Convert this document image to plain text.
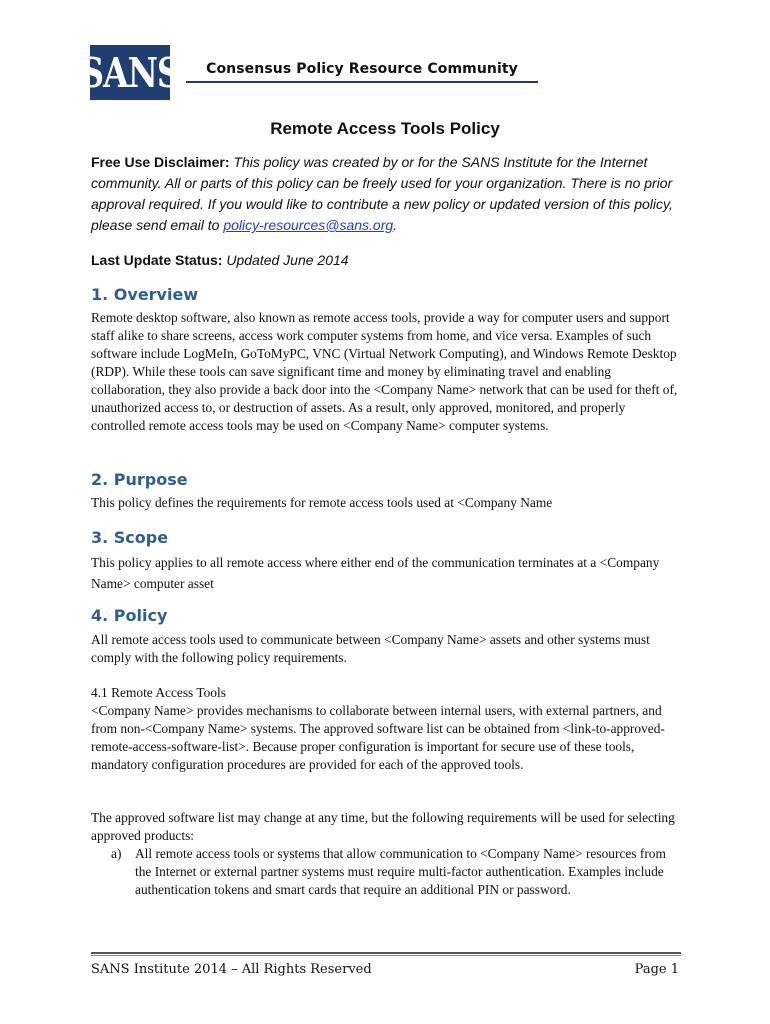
SANS	Consensus Policy Resource Community
Remote Access Tools Policy

Free Use Disclaimer: This policy was created by or for the SANS Institute for the Internet community. All or parts of this policy can be freely used for your organization. There is no prior approval required. If you would like to contribute a new policy or updated version of this policy, please send email to policy-resources@sans.org.

Last Update Status: Updated June 2014

1. Overview

Remote desktop software, also known as remote access tools, provide a way for computer users and support staff alike to share screens, access work computer systems from home, and vice versa. Examples of such software include LogMeIn, GoToMyPC, VNC (Virtual Network Computing), and Windows Remote Desktop (RDP). While these tools can save significant time and money by eliminating travel and enabling collaboration, they also provide a back door into the <Company Name> network that can be used for theft of, unauthorized access to, or destruction of assets. As a result, only approved, monitored, and properly controlled remote access tools may be used on <Company Name> computer systems.

2. Purpose

This policy defines the requirements for remote access tools used at <Company Name

3. Scope

This policy applies to all remote access where either end of the communication terminates at a <Company Name> computer asset

4. Policy

All remote access tools used to communicate between <Company Name> assets and other systems must comply with the following policy requirements.

4.1 Remote Access Tools

<Company Name> provides mechanisms to collaborate between internal users, with external partners, and from non-<Company Name> systems. The approved software list can be obtained from <link-to-approved-remote-access-software-list>. Because proper configuration is important for secure use of these tools, mandatory configuration procedures are provided for each of the approved tools.

The approved software list may change at any time, but the following requirements will be used for selecting approved products:

a) All remote access tools or systems that allow communication to <Company Name> resources from the Internet or external partner systems must require multi-factor authentication. Examples include authentication tokens and smart cards that require an additional PIN or password.
SANS Institute 2014 – All Rights Reserved	Page 1
